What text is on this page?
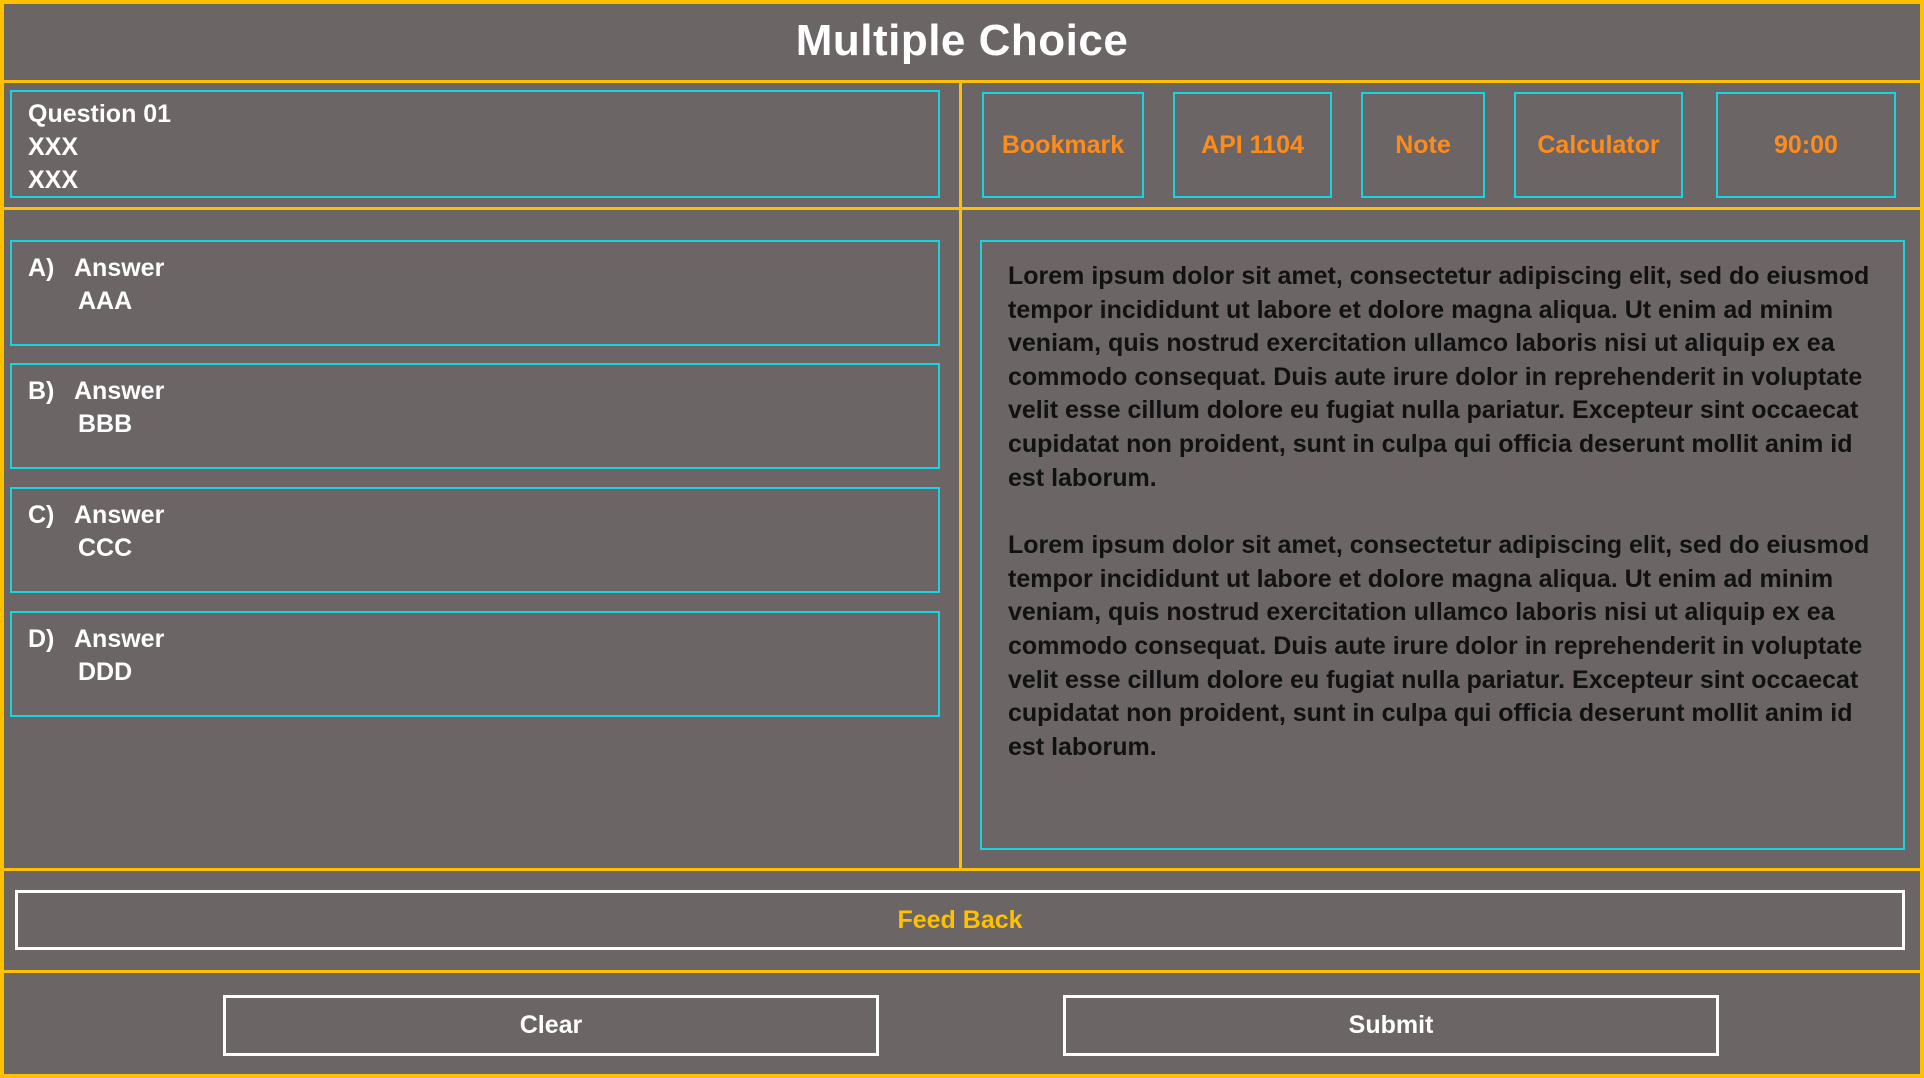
Multiple Choice
Question 01
XXX
XXX
Bookmark	API 1104	Note	Calculator	90:00
A) Answer
AAA
B) Answer
BBB
C) Answer
CCC
D) Answer
DDD

Lorem ipsum dolor sit amet, consectetur adipiscing elit, sed do eiusmod tempor incididunt ut labore et dolore magna aliqua. Ut enim ad minim veniam, quis nostrud exercitation ullamco laboris nisi ut aliquip ex ea commodo consequat. Duis aute irure dolor in reprehenderit in voluptate velit esse cillum dolore eu fugiat nulla pariatur. Excepteur sint occaecat cupidatat non proident, sunt in culpa qui officia deserunt mollit anim id est laborum.

Lorem ipsum dolor sit amet, consectetur adipiscing elit, sed do eiusmod tempor incididunt ut labore et dolore magna aliqua. Ut enim ad minim veniam, quis nostrud exercitation ullamco laboris nisi ut aliquip ex ea commodo consequat. Duis aute irure dolor in reprehenderit in voluptate velit esse cillum dolore eu fugiat nulla pariatur. Excepteur sint occaecat cupidatat non proident, sunt in culpa qui officia deserunt mollit anim id est laborum.

Feed Back
Clear	Submit
